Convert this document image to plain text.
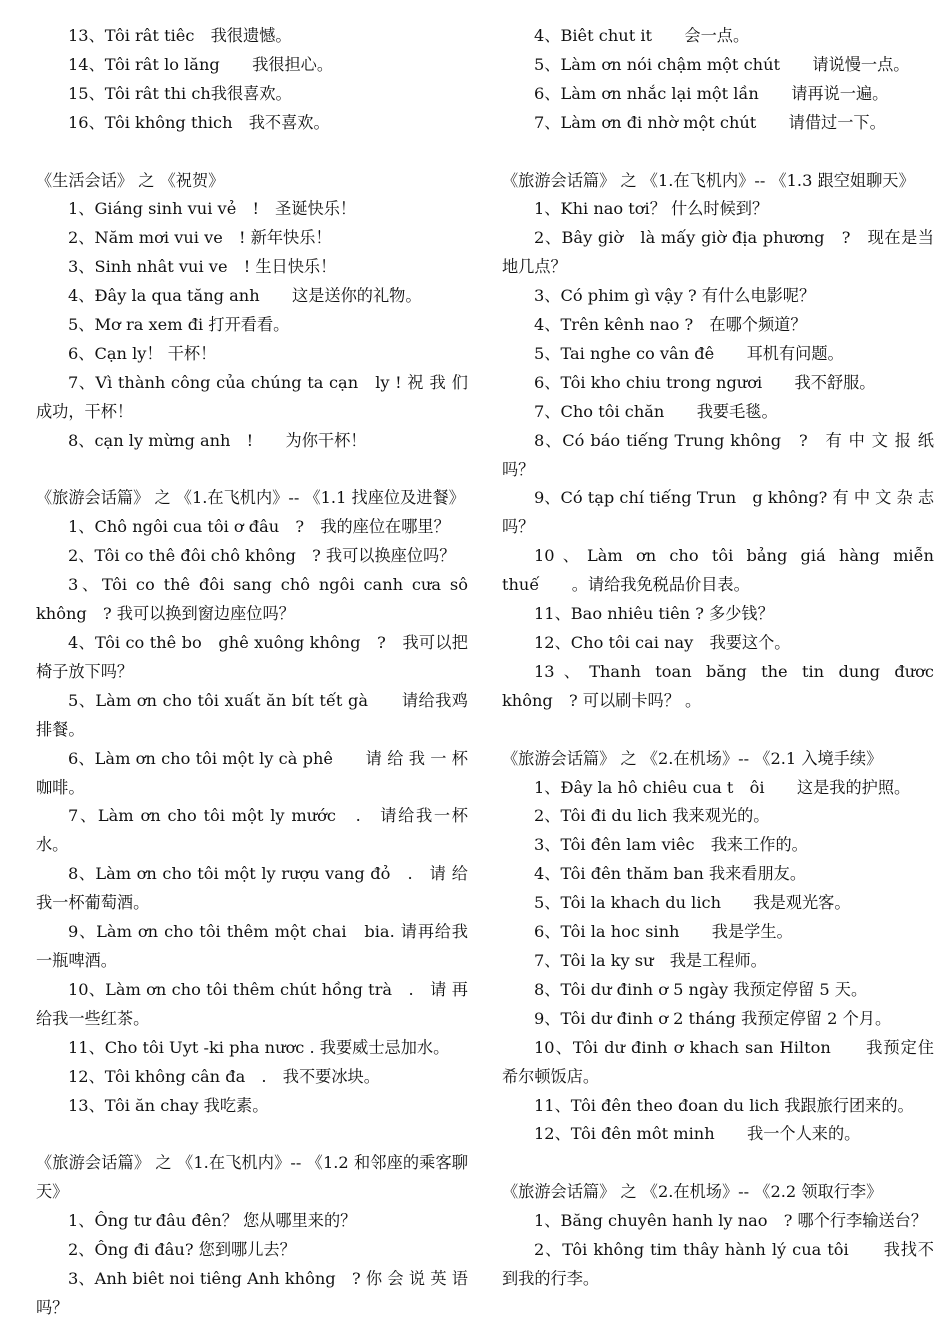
13、Tôi rât tiêc　我很遗憾。

14、Tôi rât lo lăng　　我很担心。

15、Tôi rât thi ch我很喜欢。

16、Tôi không thich　我不喜欢。

《生活会话》 之 《祝贺》

1、Giáng sinh vui vẻ　!　圣诞快乐！

2、Năm mơi vui ve　! 新年快乐！

3、Sinh nhât vui ve　! 生日快乐！

4、Đây la qua tăng anh　　这是送你的礼物。

5、Mơ ra xem đi 打开看看。

6、Cạn ly！ 干杯！

7、Vì thành công của chúng ta cạn　ly ! 祝 我 们 成功，干杯！

8、cạn ly mừng anh　!　　为你干杯！

《旅游会话篇》 之 《1.在飞机内》-- 《1.1 找座位及进餐》

1、Chô ngôi cua tôi ơ đâu　?　我的座位在哪里？

2、Tôi co thê đôi chô không　? 我可以换座位吗？

3、Tôi co thê đôi sang chô ngôi canh cưa sô không　? 我可以换到窗边座位吗？

4、Tôi co thê bo　ghê xuông không　?　我可以把椅子放下吗？

5、Làm ơn cho tôi xuất ăn bít tết gà　　请给我鸡排餐。

6、Làm ơn cho tôi một ly cà phê　　请 给 我 一 杯 咖啡。

7、Làm ơn cho tôi một ly mước　.　请给我一杯水。

8、Làm ơn cho tôi một ly rượu vang đỏ　.　请 给 我一杯葡萄酒。

9、Làm ơn cho tôi thêm một chai　bia. 请再给我一瓶啤酒。

10、Làm ơn cho tôi thêm chút hồng trà　.　请 再 给我一些红茶。

11、Cho tôi Uyt -ki pha nươc . 我要威士忌加水。

12、Tôi không cân đa　.　我不要冰块。

13、Tôi ăn chay 我吃素。

《旅游会话篇》 之 《1.在飞机内》-- 《1.2 和邻座的乘客聊天》

1、Ông tư đâu đên？ 您从哪里来的？

2、Ông đi đâu? 您到哪儿去？

3、Anh biêt noi tiêng Anh không　? 你 会 说 英 语吗？

4、Biêt chut it　　会一点。

5、Làm ơn nói chậm một chút　　请说慢一点。

6、Làm ơn nhắc lại một lần　　请再说一遍。

7、Làm ơn đi nhờ một chút　　请借过一下。

《旅游会话篇》 之 《1.在飞机内》-- 《1.3 跟空姐聊天》

1、Khi nao tơi？ 什么时候到？

2、Bây giờ　là mấy giờ địa phương　?　现在是当地几点？

3、Có phim gì vậy ? 有什么电影呢？

4、Trên kênh nao ?　在哪个频道？

5、Tai nghe co vân đê　　耳机有问题。

6、Tôi kho chiu trong ngươi　　我不舒服。

7、Cho tôi chăn　　我要毛毯。

8、Có báo tiếng Trung không　?　有 中 文 报 纸吗？

9、Có tạp chí tiếng Trun　g không? 有 中 文 杂 志吗？

10、Làm ơn cho tôi bảng giá hàng miễn thuế　　。请给我免税品价目表。

11、Bao nhiêu tiên ? 多少钱？

12、Cho tôi cai nay　我要这个。

13、Thanh toan băng the tin dung đươc không　? 可以刷卡吗？ 。

《旅游会话篇》 之 《2.在机场》-- 《2.1 入境手续》

1、Đây la hô chiêu cua t　ôi　　这是我的护照。

2、Tôi đi du lich 我来观光的。

3、Tôi đên lam viêc　我来工作的。

4、Tôi đên thăm ban 我来看朋友。

5、Tôi la khach du lich　　我是观光客。

6、Tôi la hoc sinh　　我是学生。

7、Tôi la ky sư　我是工程师。

8、Tôi dư đinh ơ 5 ngày 我预定停留 5 天。

9、Tôi dư đinh ơ 2 tháng 我预定停留 2 个月。

10、Tôi dư đinh ơ khach san Hilton　　我预定住希尔顿饭店。

11、Tôi đên theo đoan du lich 我跟旅行团来的。

12、Tôi đên môt minh　　我一个人来的。

《旅游会话篇》 之 《2.在机场》-- 《2.2 领取行李》

1、Băng chuyên hanh ly nao　? 哪个行李输送台？

2、Tôi không tim thây hành lý cua tôi　　我找不到我的行李。
